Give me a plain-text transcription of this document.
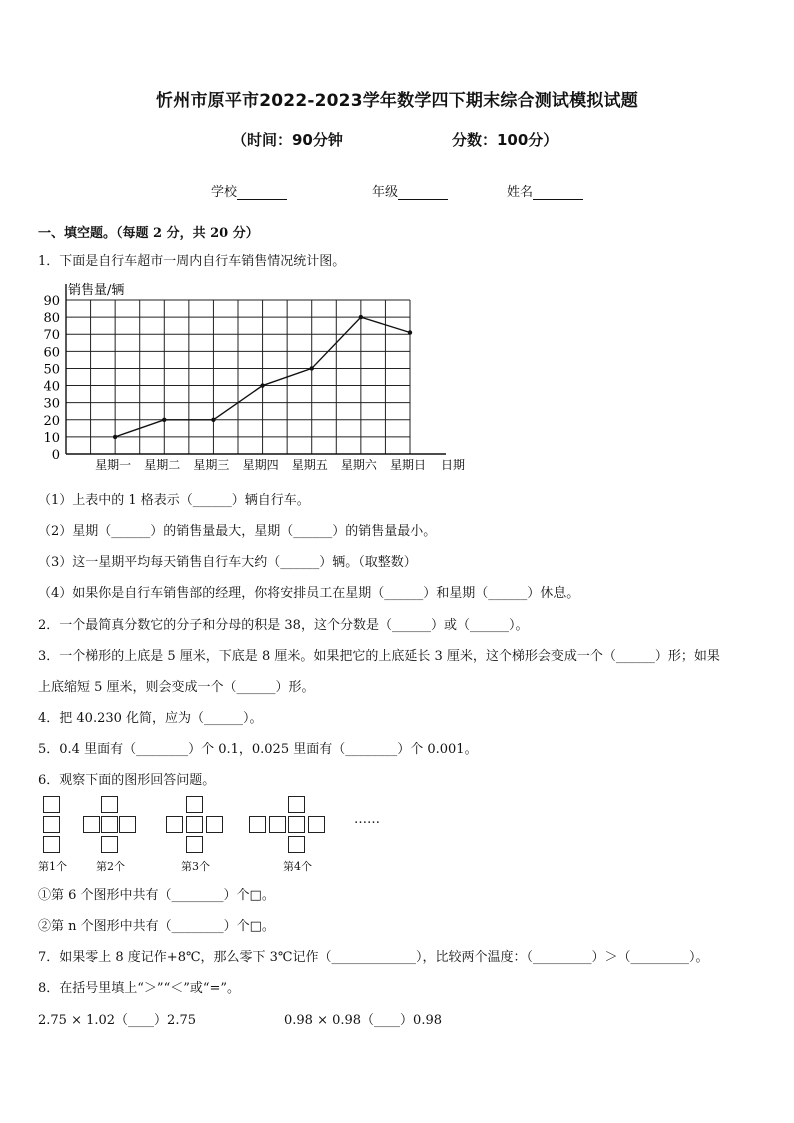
忻州市原平市2022-2023学年数学四下期末综合测试模拟试题
（时间：90分钟	分数：100分）
学校	年级	姓名
一、填空题。（每题 2 分，共 20 分）
1．下面是自行车超市一周内自行车销售情况统计图。
0
10
20
30
40
50
60
70
80
90
星期一 星期二 星期三 星期四 星期五 星期六 星期日
销售量/辆
日期
（1）上表中的 1 格表示（______）辆自行车。
（2）星期（______）的销售量最大，星期（______）的销售量最小。
（3）这一星期平均每天销售自行车大约（______）辆。（取整数）
（4）如果你是自行车销售部的经理，你将安排员工在星期（______）和星期（______）休息。
2．一个最简真分数它的分子和分母的积是 38，这个分数是（______）或（______）。
3．一个梯形的上底是 5 厘米，下底是 8 厘米。如果把它的上底延长 3 厘米，这个梯形会变成一个（______）形；如果
上底缩短 5 厘米，则会变成一个（______）形。
4．把 40.230 化简，应为（______）。
5．0.4 里面有（________）个 0.1，0.025 里面有（________）个 0.001。
6．观察下面的图形回答问题。
……
第1个	第2个	第3个	第4个
①第 6 个图形中共有（________）个□。
②第 n 个图形中共有（________）个□。
7．如果零上 8 度记作+8℃，那么零下 3℃记作（_____________），比较两个温度：（_________）＞（_________）。
8．在括号里填上“＞”“＜”或“=”。
2.75 × 1.02（____）2.75	0.98 × 0.98（____）0.98
